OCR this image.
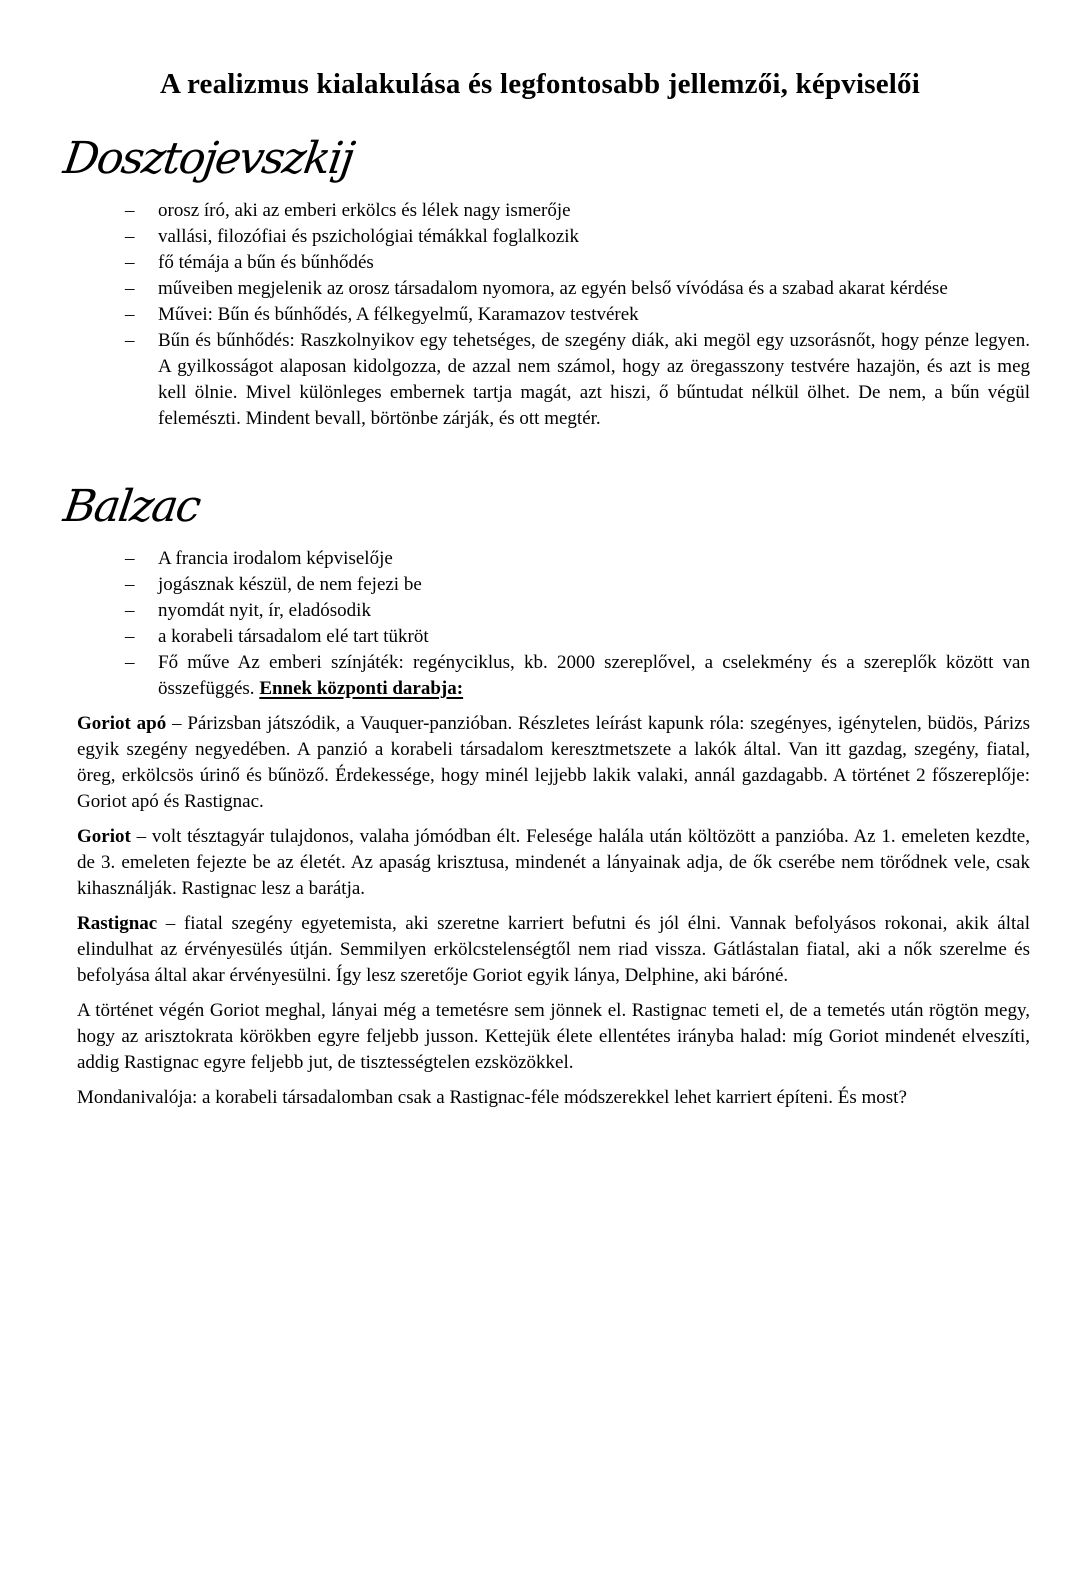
A realizmus kialakulása és legfontosabb jellemzői, képviselői
Dosztojevszkij
–	orosz író, aki az emberi erkölcs és lélek nagy ismerője
–	vallási, filozófiai és pszichológiai témákkal foglalkozik
–	fő témája a bűn és bűnhődés
–	műveiben megjelenik az orosz társadalom nyomora, az egyén belső vívódása és a szabad akarat kérdése
–	Művei: Bűn és bűnhődés, A félkegyelmű, Karamazov testvérek
–	Bűn és bűnhődés: Raszkolnyikov egy tehetséges, de szegény diák, aki megöl egy uzsorásnőt, hogy pénze legyen. A gyilkosságot alaposan kidolgozza, de azzal nem számol, hogy az öregasszony testvére hazajön, és azt is meg kell ölnie. Mivel különleges embernek tartja magát, azt hiszi, ő bűntudat nélkül ölhet. De nem, a bűn végül felemészti. Mindent bevall, börtönbe zárják, és ott megtér.
Balzac
–	A francia irodalom képviselője
–	jogásznak készül, de nem fejezi be
–	nyomdát nyit, ír, eladósodik
–	a korabeli társadalom elé tart tükröt
–	Fő műve Az emberi színjáték: regényciklus, kb. 2000 szereplővel, a cselekmény és a szereplők között van összefüggés. Ennek központi darabja:

Goriot apó – Párizsban játszódik, a Vauquer-panzióban. Részletes leírást kapunk róla: szegényes, igénytelen, büdös, Párizs egyik szegény negyedében. A panzió a korabeli társadalom keresztmetszete a lakók által. Van itt gazdag, szegény, fiatal, öreg, erkölcsös úrinő és bűnöző. Érdekessége, hogy minél lejjebb lakik valaki, annál gazdagabb. A történet 2 főszereplője: Goriot apó és Rastignac.

Goriot – volt tésztagyár tulajdonos, valaha jómódban élt. Felesége halála után költözött a panzióba. Az 1. emeleten kezdte, de 3. emeleten fejezte be az életét. Az apaság krisztusa, mindenét a lányainak adja, de ők cserébe nem törődnek vele, csak kihasználják. Rastignac lesz a barátja.

Rastignac – fiatal szegény egyetemista, aki szeretne karriert befutni és jól élni. Vannak befolyásos rokonai, akik által elindulhat az érvényesülés útján. Semmilyen erkölcstelenségtől nem riad vissza. Gátlástalan fiatal, aki a nők szerelme és befolyása által akar érvényesülni. Így lesz szeretője Goriot egyik lánya, Delphine, aki báróné.

A történet végén Goriot meghal, lányai még a temetésre sem jönnek el. Rastignac temeti el, de a temetés után rögtön megy, hogy az arisztokrata körökben egyre feljebb jusson. Kettejük élete ellentétes irányba halad: míg Goriot mindenét elveszíti, addig Rastignac egyre feljebb jut, de tisztességtelen ezsközökkel.

Mondanivalója: a korabeli társadalomban csak a Rastignac-féle módszerekkel lehet karriert építeni. És most?
